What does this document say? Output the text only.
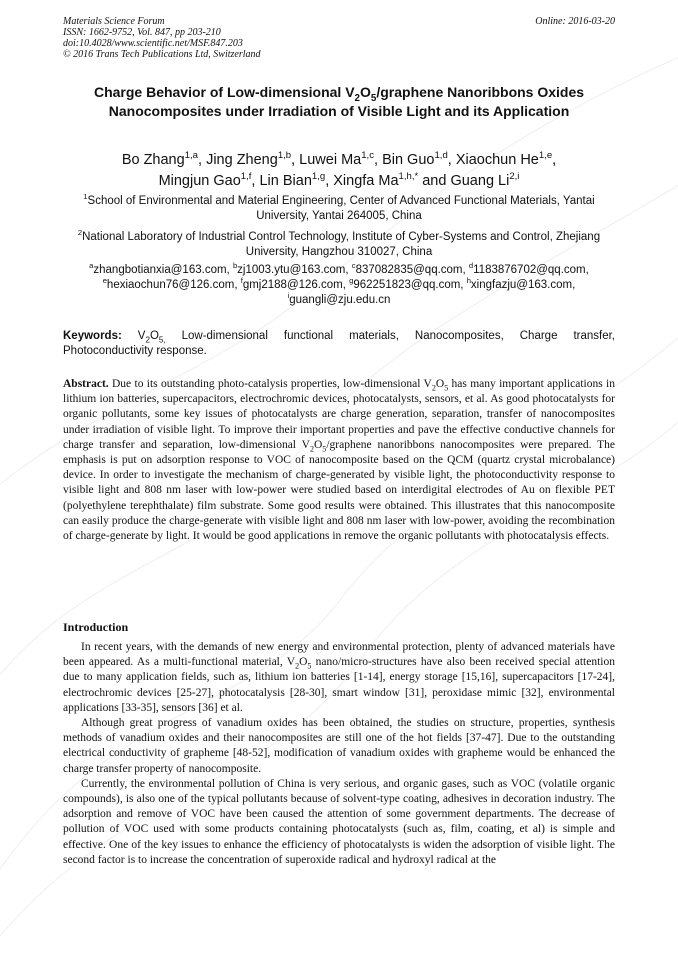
Materials Science Forum
ISSN: 1662-9752, Vol. 847, pp 203-210
doi:10.4028/www.scientific.net/MSF.847.203
© 2016 Trans Tech Publications Ltd, Switzerland
Online: 2016-03-20
Charge Behavior of Low-dimensional $V_2O_5$/graphene Nanoribbons Oxides Nanocomposites under Irradiation of Visible Light and its Application
Bo Zhang$^{1,a}$, Jing Zheng$^{1,b}$, Luwei Ma$^{1,c}$, Bin Guo$^{1,d}$, Xiaochun He$^{1,e}$,
Mingjun Gao$^{1,f}$, Lin Bian$^{1,g}$, Xingfa $Ma^{1,h,*}$ and Guang Li$^{2,i}$
$^1$School of Environmental and Material Engineering, Center of Advanced Functional Materials, Yantai University, Yantai 264005, China
$^2$National Laboratory of Industrial Control Technology, Institute of Cyber-Systems and Control, Zhejiang University, Hangzhou 310027, China
$^a$zhangbotianxia@163.com, $^b$zj1003.ytu@163.com, $^c$837082835@qq.com, $^d$1183876702@qq.com,
$^e$hexiaochun76@126.com, $^f$gmj2188@126.com, $^g$962251823@qq.com, $^h$xingfazju@163.com,
$^i$guangli@zju.edu.cn
Keywords: $V_2O_{5,}$ Low-dimensional functional materials, Nanocomposites, Charge transfer, Photoconductivity response.
Abstract. Due to its outstanding photo-catalysis properties, low-dimensional $V_2O_5$ has many important applications in lithium ion batteries, supercapacitors, electrochromic devices, photocatalysts, sensors, et al. As good photocatalysts for organic pollutants, some key issues of photocatalysts are charge generation, separation, transfer of nanocomposites under irradiation of visible light. To improve their important properties and pave the effective conductive channels for charge transfer and separation, low-dimensional $V_2O_5$/graphene nanoribbons nanocomposites were prepared. The emphasis is put on adsorption response to VOC of nanocomposite based on the QCM (quartz crystal microbalance) device. In order to investigate the mechanism of charge-generated by visible light, the photoconductivity response to visible light and 808 nm laser with low-power were studied based on interdigital electrodes of Au on flexible PET (polyethylene terephthalate) film substrate. Some good results were obtained. This illustrates that this nanocomposite can easily produce the charge-generate with visible light and 808 nm laser with low-power, avoiding the recombination of charge-generate by light. It would be good applications in remove the organic pollutants with photocatalysis effects.
Introduction

In recent years, with the demands of new energy and environmental protection, plenty of advanced materials have been appeared. As a multi-functional material, $V_2O_5$ nano/micro-structures have also been received special attention due to many application fields, such as, lithium ion batteries [1-14], energy storage [15,16], supercapacitors [17-24], electrochromic devices [25-27], photocatalysis [28-30], smart window [31], peroxidase mimic [32], environmental applications [33-35], sensors [36] et al.

Although great progress of vanadium oxides has been obtained, the studies on structure, properties, synthesis methods of vanadium oxides and their nanocomposites are still one of the hot fields [37-47]. Due to the outstanding electrical conductivity of grapheme [48-52], modification of vanadium oxides with grapheme would be enhanced the charge transfer property of nanocomposite.

Currently, the environmental pollution of China is very serious, and organic gases, such as VOC (volatile organic compounds), is also one of the typical pollutants because of solvent-type coating, adhesives in decoration industry. The adsorption and remove of VOC have been caused the attention of some government departments. The decrease of pollution of VOC used with some products containing photocatalysts (such as, film, coating, et al) is simple and effective. One of the key issues to enhance the efficiency of photocatalysts is widen the adsorption of visible light. The second factor is to increase the concentration of superoxide radical and hydroxyl radical at the
